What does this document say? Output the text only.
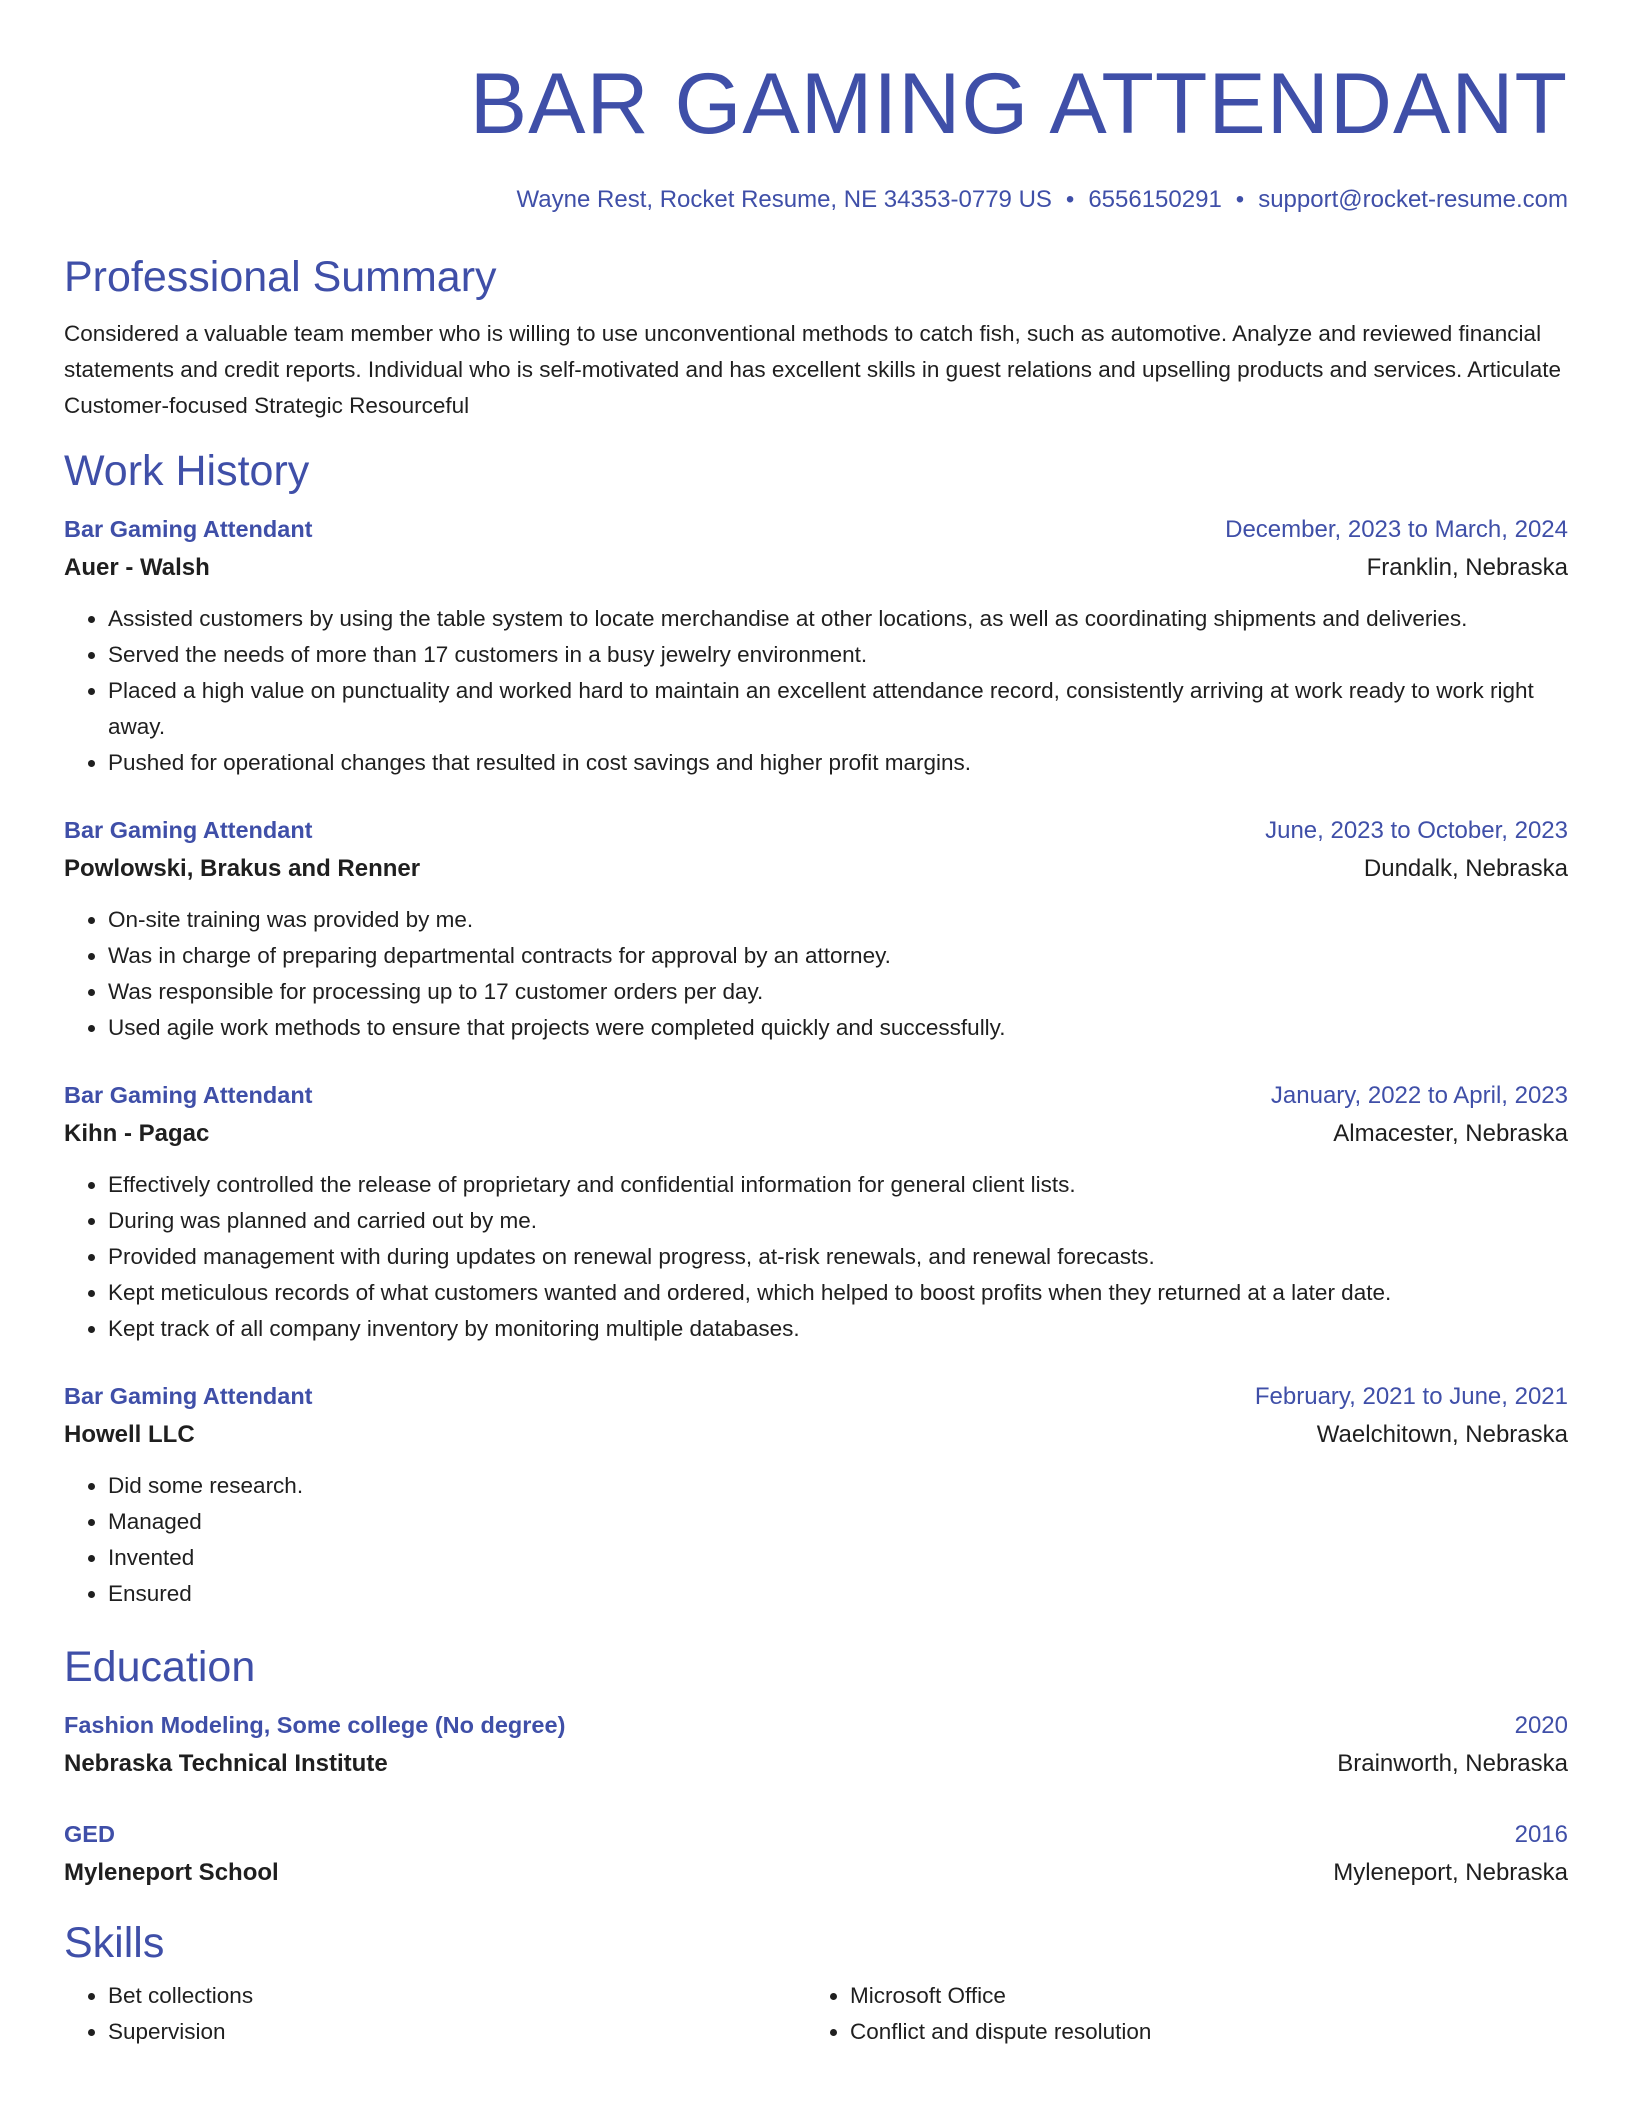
BAR GAMING ATTENDANT
Wayne Rest, Rocket Resume, NE 34353-0779 US • 6556150291 • support@rocket-resume.com
Professional Summary
Considered a valuable team member who is willing to use unconventional methods to catch fish, such as automotive. Analyze and reviewed financial statements and credit reports. Individual who is self-motivated and has excellent skills in guest relations and upselling products and services. Articulate Customer-focused Strategic Resourceful
Work History
Bar Gaming Attendant	December, 2023 to March, 2024
Auer - Walsh	Franklin, Nebraska
• Assisted customers by using the table system to locate merchandise at other locations, as well as coordinating shipments and deliveries.
• Served the needs of more than 17 customers in a busy jewelry environment.
• Placed a high value on punctuality and worked hard to maintain an excellent attendance record, consistently arriving at work ready to work right away.
• Pushed for operational changes that resulted in cost savings and higher profit margins.
Bar Gaming Attendant	June, 2023 to October, 2023
Powlowski, Brakus and Renner	Dundalk, Nebraska
• On-site training was provided by me.
• Was in charge of preparing departmental contracts for approval by an attorney.
• Was responsible for processing up to 17 customer orders per day.
• Used agile work methods to ensure that projects were completed quickly and successfully.
Bar Gaming Attendant	January, 2022 to April, 2023
Kihn - Pagac	Almacester, Nebraska
• Effectively controlled the release of proprietary and confidential information for general client lists.
• During was planned and carried out by me.
• Provided management with during updates on renewal progress, at-risk renewals, and renewal forecasts.
• Kept meticulous records of what customers wanted and ordered, which helped to boost profits when they returned at a later date.
• Kept track of all company inventory by monitoring multiple databases.
Bar Gaming Attendant	February, 2021 to June, 2021
Howell LLC	Waelchitown, Nebraska
• Did some research.
• Managed
• Invented
• Ensured
Education
Fashion Modeling, Some college (No degree)	2020
Nebraska Technical Institute	Brainworth, Nebraska
GED	2016
Myleneport School	Myleneport, Nebraska
Skills
• Bet collections
• Supervision
• Microsoft Office
• Conflict and dispute resolution
